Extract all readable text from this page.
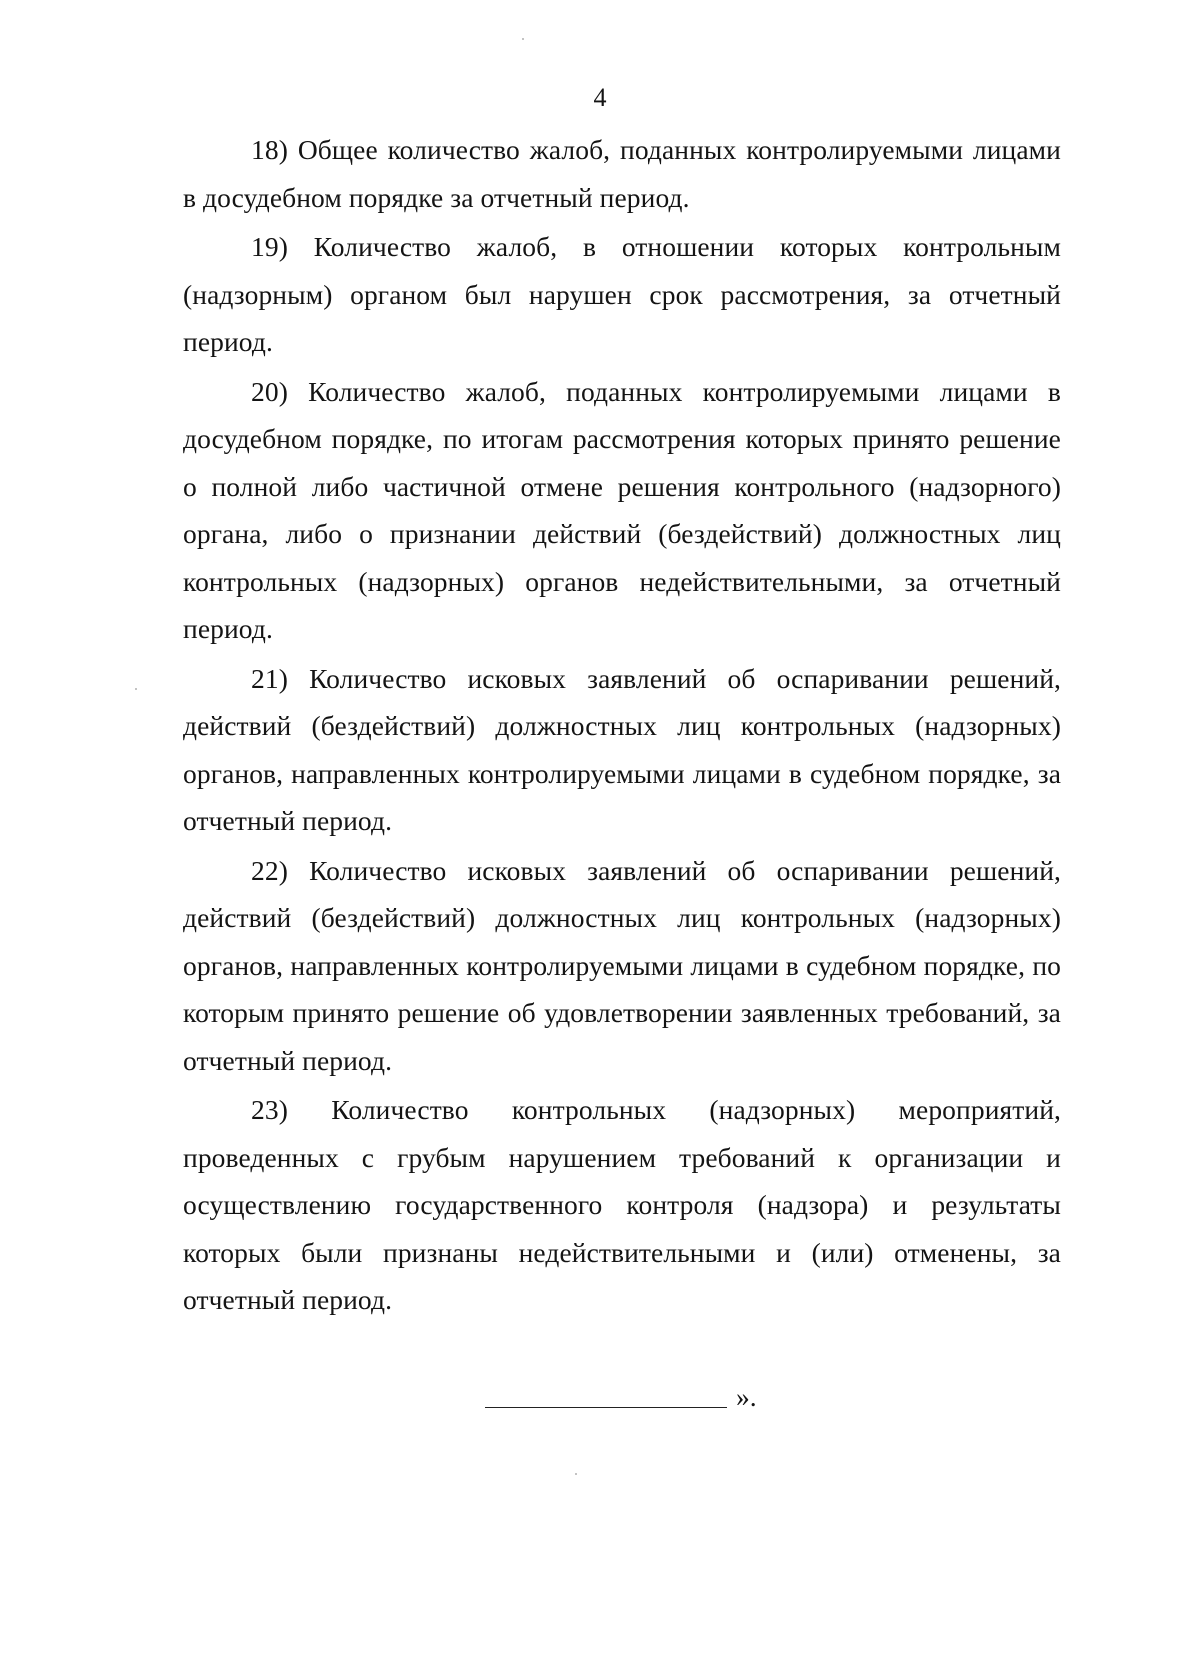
4

18) Общее количество жалоб, поданных контролируемыми лицами в досудебном порядке за отчетный период.

19) Количество жалоб, в отношении которых контрольным (надзорным) органом был нарушен срок рассмотрения, за отчетный период.

20) Количество жалоб, поданных контролируемыми лицами в досудебном порядке, по итогам рассмотрения которых принято решение о полной либо частичной отмене решения контрольного (надзорного) органа, либо о признании действий (бездействий) должностных лиц контрольных (надзорных) органов недействительными, за отчетный период.

21) Количество исковых заявлений об оспаривании решений, действий (бездействий) должностных лиц контрольных (надзорных) органов, направленных контролируемыми лицами в судебном порядке, за отчетный период.

22) Количество исковых заявлений об оспаривании решений, действий (бездействий) должностных лиц контрольных (надзорных) органов, направленных контролируемыми лицами в судебном порядке, по которым принято решение об удовлетворении заявленных требований, за отчетный период.

23) Количество контрольных (надзорных) мероприятий, проведенных с грубым нарушением требований к организации и осуществлению государственного контроля (надзора) и результаты которых были признаны недействительными и (или) отменены, за отчетный период.

».
